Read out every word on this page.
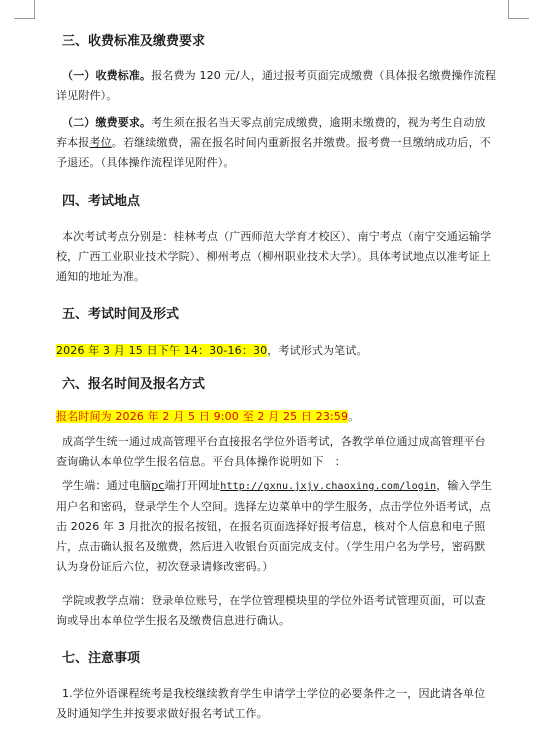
三、收费标准及缴费要求
（一）收费标准。报名费为 120 元/人，通过报考页面完成缴费（具体报名缴费操作流程详见附件）。
（二）缴费要求。考生须在报名当天零点前完成缴费，逾期未缴费的，视为考生自动放弃本报考位。若继续缴费，需在报名时间内重新报名并缴费。报考费一旦缴纳成功后，不予退还。（具体操作流程详见附件）。
四、考试地点
本次考试考点分别是：桂林考点（广西师范大学育才校区）、南宁考点（南宁交通运输学校，广西工业职业技术学院）、柳州考点（柳州职业技术大学）。具体考试地点以准考证上通知的地址为准。
五、考试时间及形式
2026 年 3 月 15 日下午 14：30-16：30，考试形式为笔试。
六、报名时间及报名方式
报名时间为 2026 年 2 月 5 日 9:00 至 2 月 25 日 23:59。
成高学生统一通过成高管理平台直接报名学位外语考试，各教学单位通过成高管理平台查询确认本单位学生报名信息。平台具体操作说明如下　：
学生端：通过电脑pc端打开网址http://gxnu.jxjy.chaoxing.com/login，输入学生用户名和密码，登录学生个人空间。选择左边菜单中的学生服务，点击学位外语考试，点击 2026 年 3 月批次的报名按钮，在报名页面选择好报考信息，核对个人信息和电子照片，点击确认报名及缴费，然后进入收银台页面完成支付。（学生用户名为学号，密码默认为身份证后六位，初次登录请修改密码。）
学院或教学点端：登录单位账号，在学位管理模块里的学位外语考试管理页面，可以查询或导出本单位学生报名及缴费信息进行确认。
七、注意事项
1.学位外语课程统考是我校继续教育学生申请学士学位的必要条件之一，因此请各单位及时通知学生并按要求做好报名考试工作。
